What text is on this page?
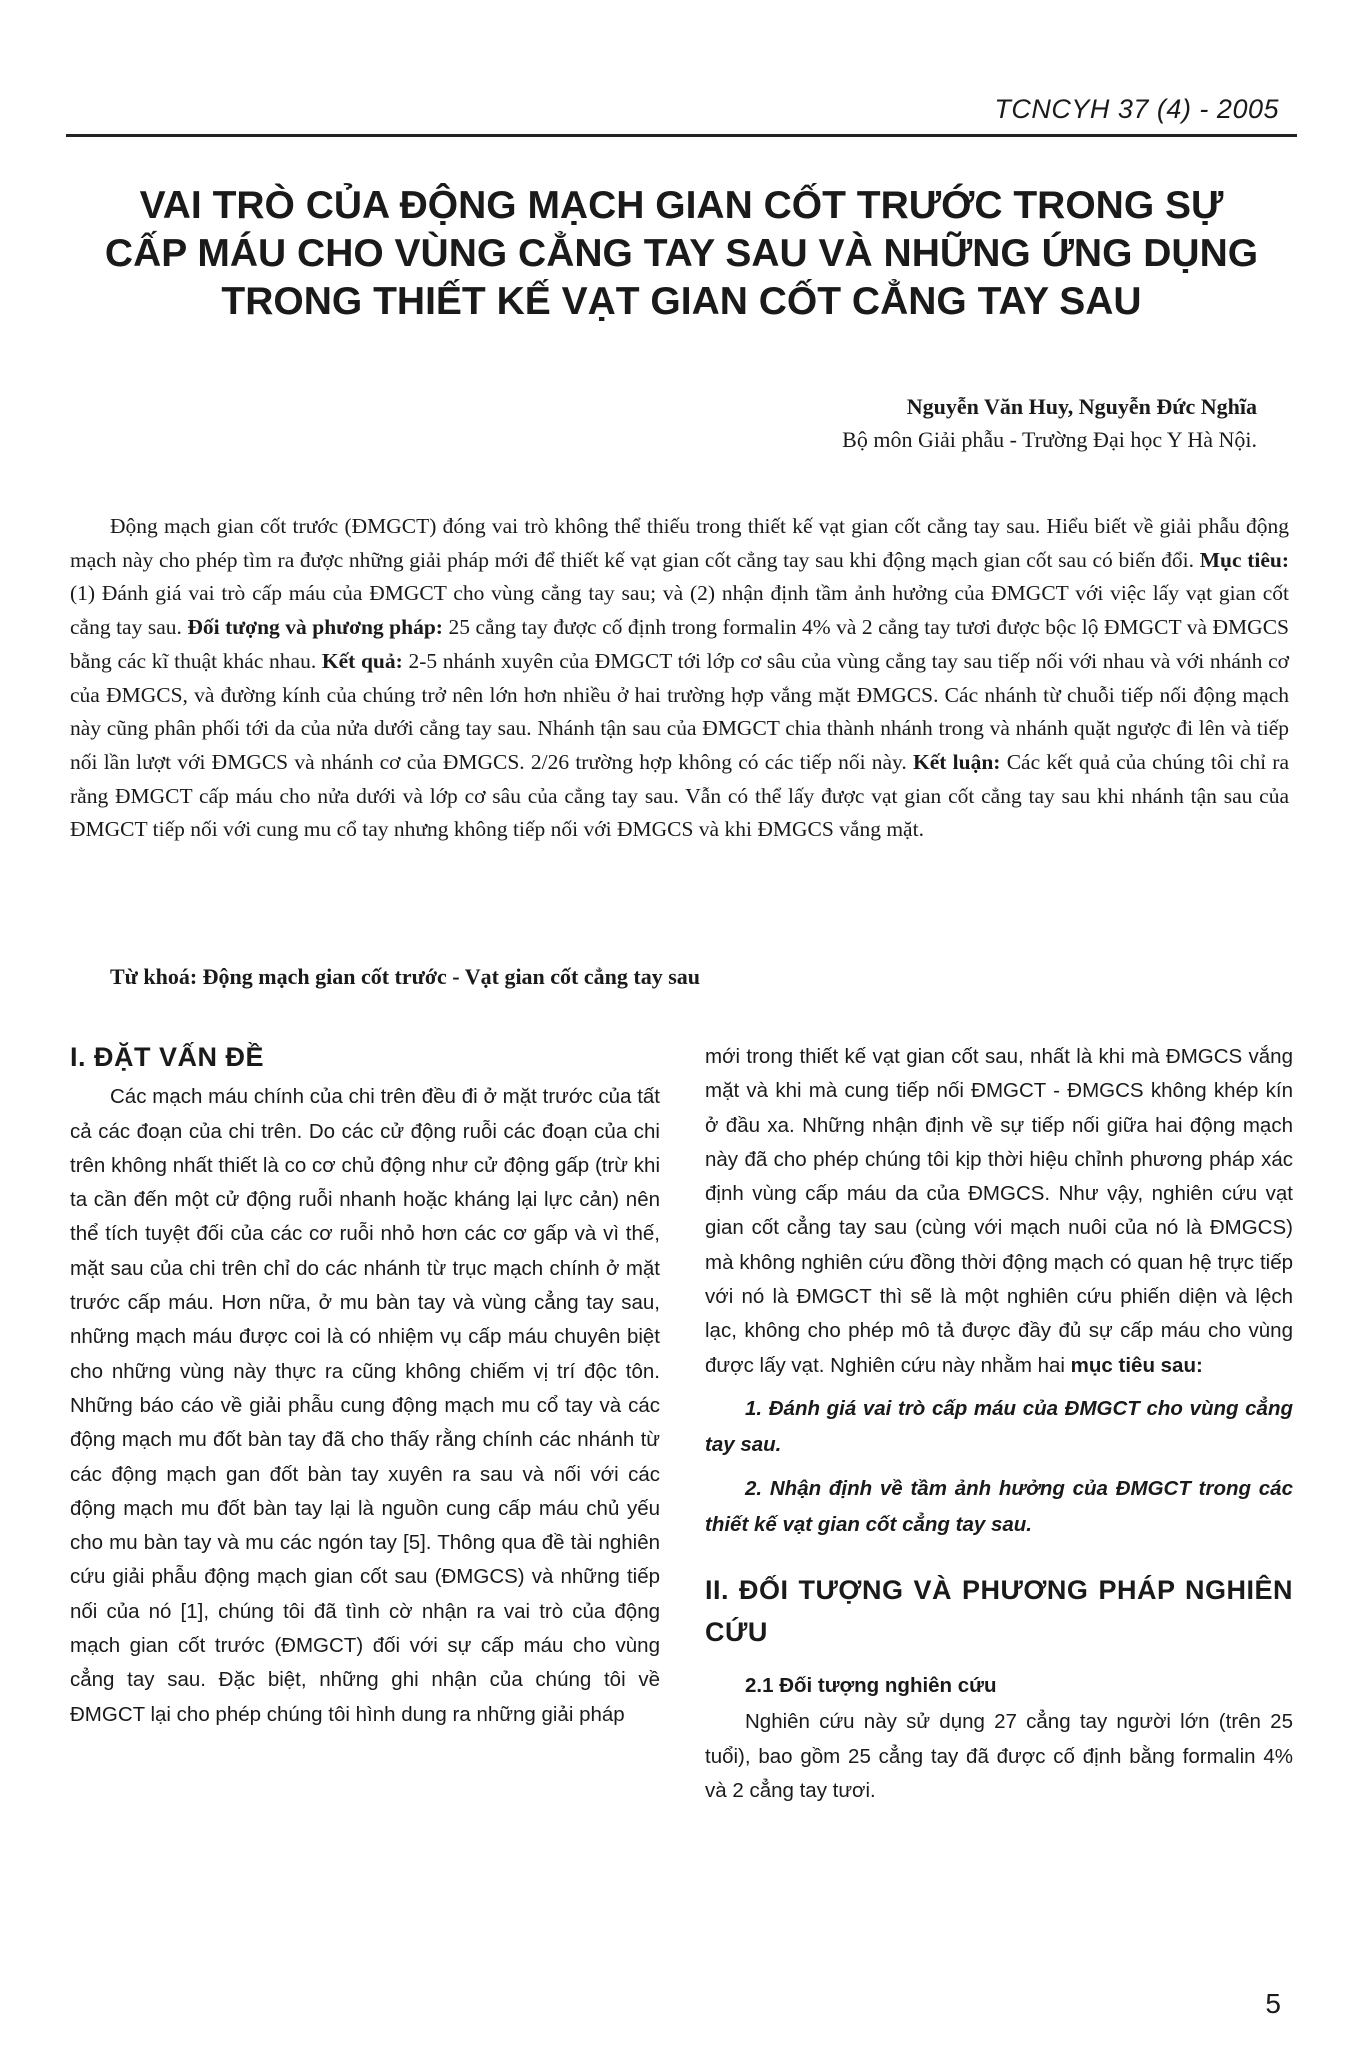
TCNCYH 37 (4) - 2005
VAI TRÒ CỦA ĐỘNG MẠCH GIAN CỐT TRƯỚC TRONG SỰ
CẤP MÁU CHO VÙNG CẲNG TAY SAU VÀ NHỮNG ỨNG DỤNG
TRONG THIẾT KẾ VẠT GIAN CỐT CẲNG TAY SAU
Nguyễn Văn Huy, Nguyễn Đức Nghĩa
Bộ môn Giải phẫu - Trường Đại học Y Hà Nội.
Động mạch gian cốt trước (ĐMGCT) đóng vai trò không thể thiếu trong thiết kế vạt gian cốt cẳng tay sau. Hiểu biết về giải phẫu động mạch này cho phép tìm ra được những giải pháp mới để thiết kế vạt gian cốt cẳng tay sau khi động mạch gian cốt sau có biến đổi. Mục tiêu: (1) Đánh giá vai trò cấp máu của ĐMGCT cho vùng cẳng tay sau; và (2) nhận định tầm ảnh hưởng của ĐMGCT với việc lấy vạt gian cốt cẳng tay sau. Đối tượng và phương pháp: 25 cẳng tay được cố định trong formalin 4% và 2 cẳng tay tươi được bộc lộ ĐMGCT và ĐMGCS bằng các kĩ thuật khác nhau. Kết quả: 2-5 nhánh xuyên của ĐMGCT tới lớp cơ sâu của vùng cẳng tay sau tiếp nối với nhau và với nhánh cơ của ĐMGCS, và đường kính của chúng trở nên lớn hơn nhiều ở hai trường hợp vắng mặt ĐMGCS. Các nhánh từ chuỗi tiếp nối động mạch này cũng phân phối tới da của nửa dưới cẳng tay sau. Nhánh tận sau của ĐMGCT chia thành nhánh trong và nhánh quặt ngược đi lên và tiếp nối lần lượt với ĐMGCS và nhánh cơ của ĐMGCS. 2/26 trường hợp không có các tiếp nối này. Kết luận: Các kết quả của chúng tôi chỉ ra rằng ĐMGCT cấp máu cho nửa dưới và lớp cơ sâu của cẳng tay sau. Vẫn có thể lấy được vạt gian cốt cẳng tay sau khi nhánh tận sau của ĐMGCT tiếp nối với cung mu cổ tay nhưng không tiếp nối với ĐMGCS và khi ĐMGCS vắng mặt.
Từ khoá: Động mạch gian cốt trước - Vạt gian cốt cẳng tay sau
I. ĐẶT VẤN ĐỀ

Các mạch máu chính của chi trên đều đi ở mặt trước của tất cả các đoạn của chi trên. Do các cử động ruỗi các đoạn của chi trên không nhất thiết là co cơ chủ động như cử động gấp (trừ khi ta cần đến một cử động ruỗi nhanh hoặc kháng lại lực cản) nên thể tích tuyệt đối của các cơ ruỗi nhỏ hơn các cơ gấp và vì thế, mặt sau của chi trên chỉ do các nhánh từ trục mạch chính ở mặt trước cấp máu. Hơn nữa, ở mu bàn tay và vùng cẳng tay sau, những mạch máu được coi là có nhiệm vụ cấp máu chuyên biệt cho những vùng này thực ra cũng không chiếm vị trí độc tôn. Những báo cáo về giải phẫu cung động mạch mu cổ tay và các động mạch mu đốt bàn tay đã cho thấy rằng chính các nhánh từ các động mạch gan đốt bàn tay xuyên ra sau và nối với các động mạch mu đốt bàn tay lại là nguồn cung cấp máu chủ yếu cho mu bàn tay và mu các ngón tay [5]. Thông qua đề tài nghiên cứu giải phẫu động mạch gian cốt sau (ĐMGCS) và những tiếp nối của nó [1], chúng tôi đã tình cờ nhận ra vai trò của động mạch gian cốt trước (ĐMGCT) đối với sự cấp máu cho vùng cẳng tay sau. Đặc biệt, những ghi nhận của chúng tôi về ĐMGCT lại cho phép chúng tôi hình dung ra những giải pháp

mới trong thiết kế vạt gian cốt sau, nhất là khi mà ĐMGCS vắng mặt và khi mà cung tiếp nối ĐMGCT - ĐMGCS không khép kín ở đầu xa. Những nhận định về sự tiếp nối giữa hai động mạch này đã cho phép chúng tôi kịp thời hiệu chỉnh phương pháp xác định vùng cấp máu da của ĐMGCS. Như vậy, nghiên cứu vạt gian cốt cẳng tay sau (cùng với mạch nuôi của nó là ĐMGCS) mà không nghiên cứu đồng thời động mạch có quan hệ trực tiếp với nó là ĐMGCT thì sẽ là một nghiên cứu phiến diện và lệch lạc, không cho phép mô tả được đầy đủ sự cấp máu cho vùng được lấy vạt. Nghiên cứu này nhằm hai mục tiêu sau:

1. Đánh giá vai trò cấp máu của ĐMGCT cho vùng cẳng tay sau.

2. Nhận định về tầm ảnh hưởng của ĐMGCT trong các thiết kế vạt gian cốt cẳng tay sau.

II. ĐỐI TƯỢNG VÀ PHƯƠNG PHÁP NGHIÊN CỨU
2.1 Đối tượng nghiên cứu

Nghiên cứu này sử dụng 27 cẳng tay người lớn (trên 25 tuổi), bao gồm 25 cẳng tay đã được cố định bằng formalin 4% và 2 cẳng tay tươi.

5
